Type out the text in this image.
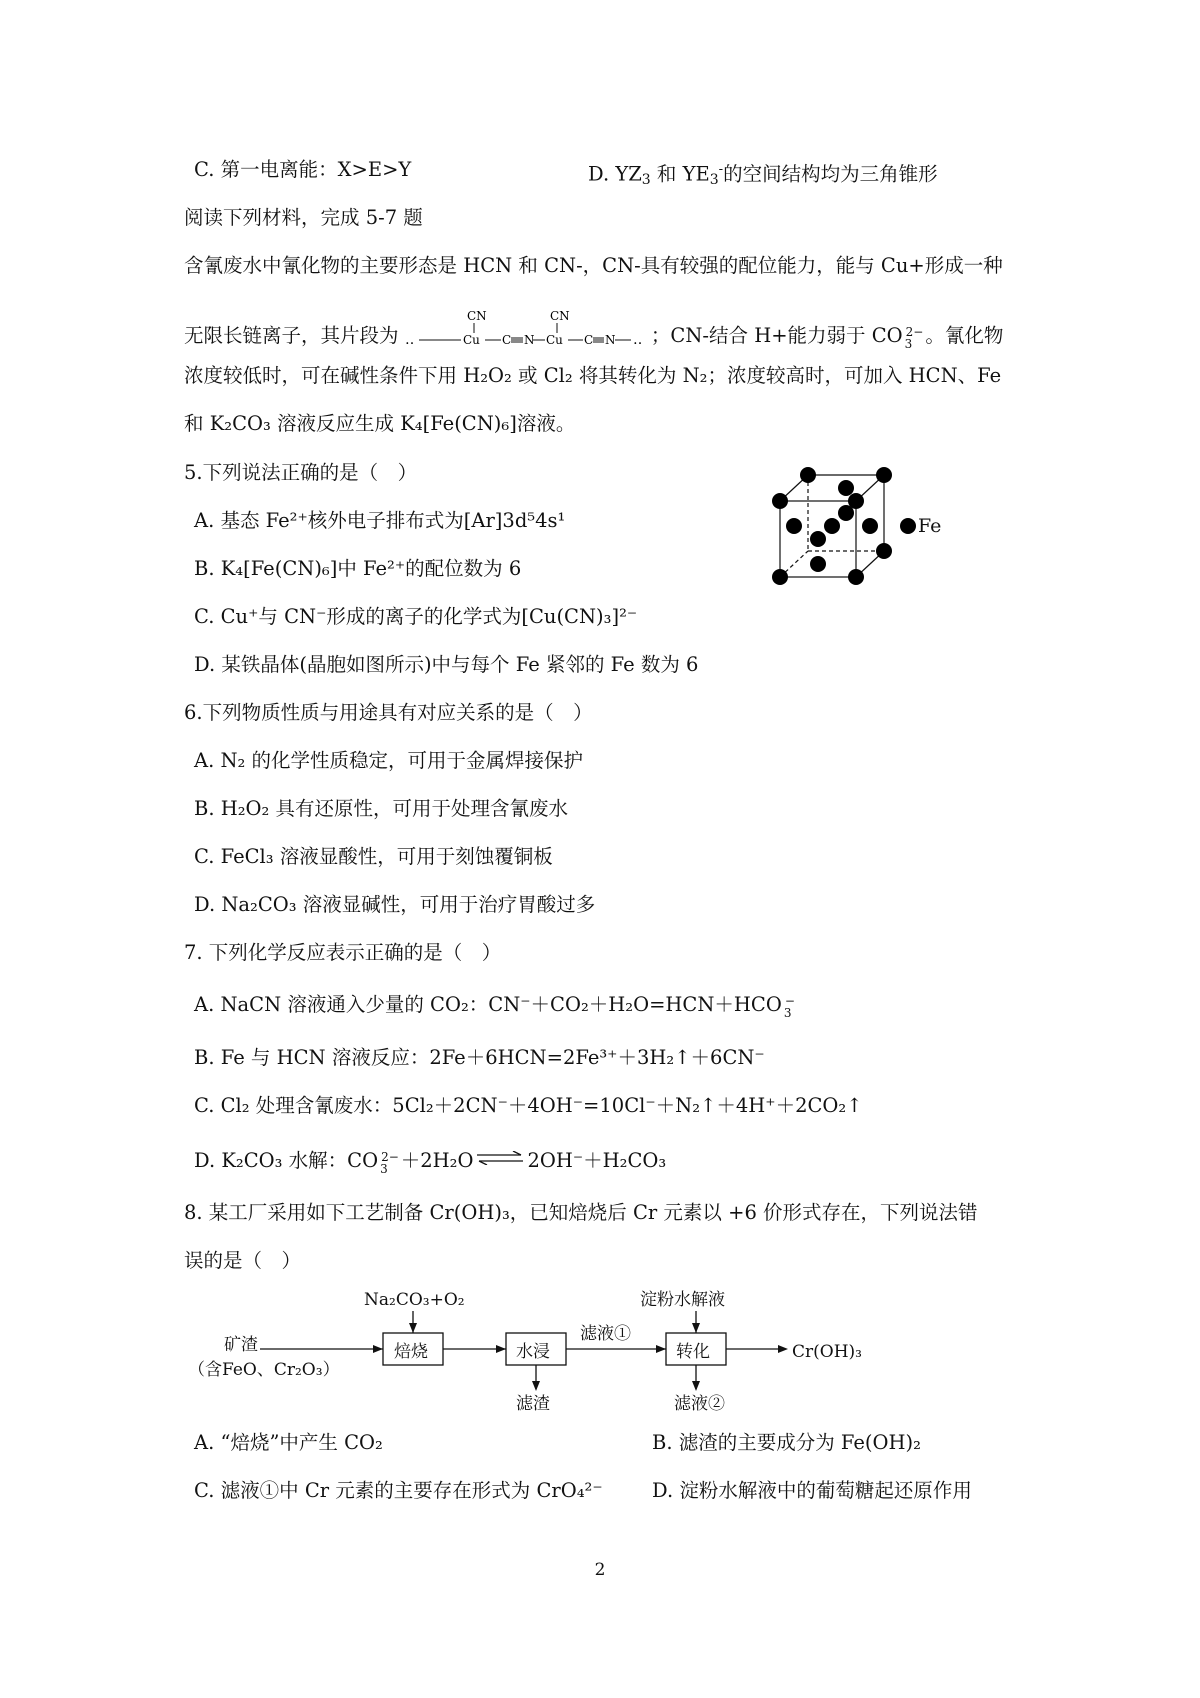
C. 第一电离能：X>E>Y	D. $YZ_3$ 和 $YE_3^-$的空间结构均为三角锥形
阅读下列材料，完成 5-7 题
含氰废水中氰化物的主要形态是 HCN 和 CN-，CN-具有较强的配位能力，能与 Cu+形成一种
无限长链离子，其片段为
CN	CN
‥	Cu C N Cu C N ‥ ；CN-结合 H+能力弱于 CO 2−
3 。氰化物
浓度较低时，可在碱性条件下用 H₂O₂ 或 Cl₂ 将其转化为 N₂；浓度较高时，可加入 HCN、Fe
和 K₂CO₃ 溶液反应生成 K₄[Fe(CN)₆]溶液。
5.下列说法正确的是（　）
A. 基态 Fe²⁺核外电子排布式为[Ar]3d⁵4s¹
B. K₄[Fe(CN)₆]中 Fe²⁺的配位数为 6
C. Cu⁺与 CN⁻形成的离子的化学式为[Cu(CN)₃]²⁻
D. 某铁晶体(晶胞如图所示)中与每个 Fe 紧邻的 Fe 数为 6
Fe
6.下列物质性质与用途具有对应关系的是（　）
A. N₂ 的化学性质稳定，可用于金属焊接保护
B. H₂O₂ 具有还原性，可用于处理含氰废水
C. FeCl₃ 溶液显酸性，可用于刻蚀覆铜板
D. Na₂CO₃ 溶液显碱性，可用于治疗胃酸过多
7. 下列化学反应表示正确的是（　）
A. NaCN 溶液通入少量的 CO₂：CN⁻＋CO₂＋H₂O=HCN＋HCO −
3
B. Fe 与 HCN 溶液反应：2Fe＋6HCN=2Fe³⁺＋3H₂↑＋6CN⁻
C. Cl₂ 处理含氰废水：5Cl₂＋2CN⁻＋4OH⁻=10Cl⁻＋N₂↑＋4H⁺＋2CO₂↑
D. K₂CO₃ 水解：CO 2−
3 ＋2H₂O ⇌ 2OH⁻＋H₂CO₃
8. 某工厂采用如下工艺制备 Cr(OH)₃，已知焙烧后 Cr 元素以 +6 价形式存在，下列说法错
误的是（　）
Na₂CO₃+O₂	淀粉水解液
矿渣
（含FeO、Cr₂O₃）
焙烧	水浸	转化
滤液①
滤渣	滤液②
Cr(OH)₃
A. “焙烧”中产生 CO₂	B. 滤渣的主要成分为 Fe(OH)₂
C. 滤液①中 Cr 元素的主要存在形式为 CrO₄²⁻	D. 淀粉水解液中的葡萄糖起还原作用
2
